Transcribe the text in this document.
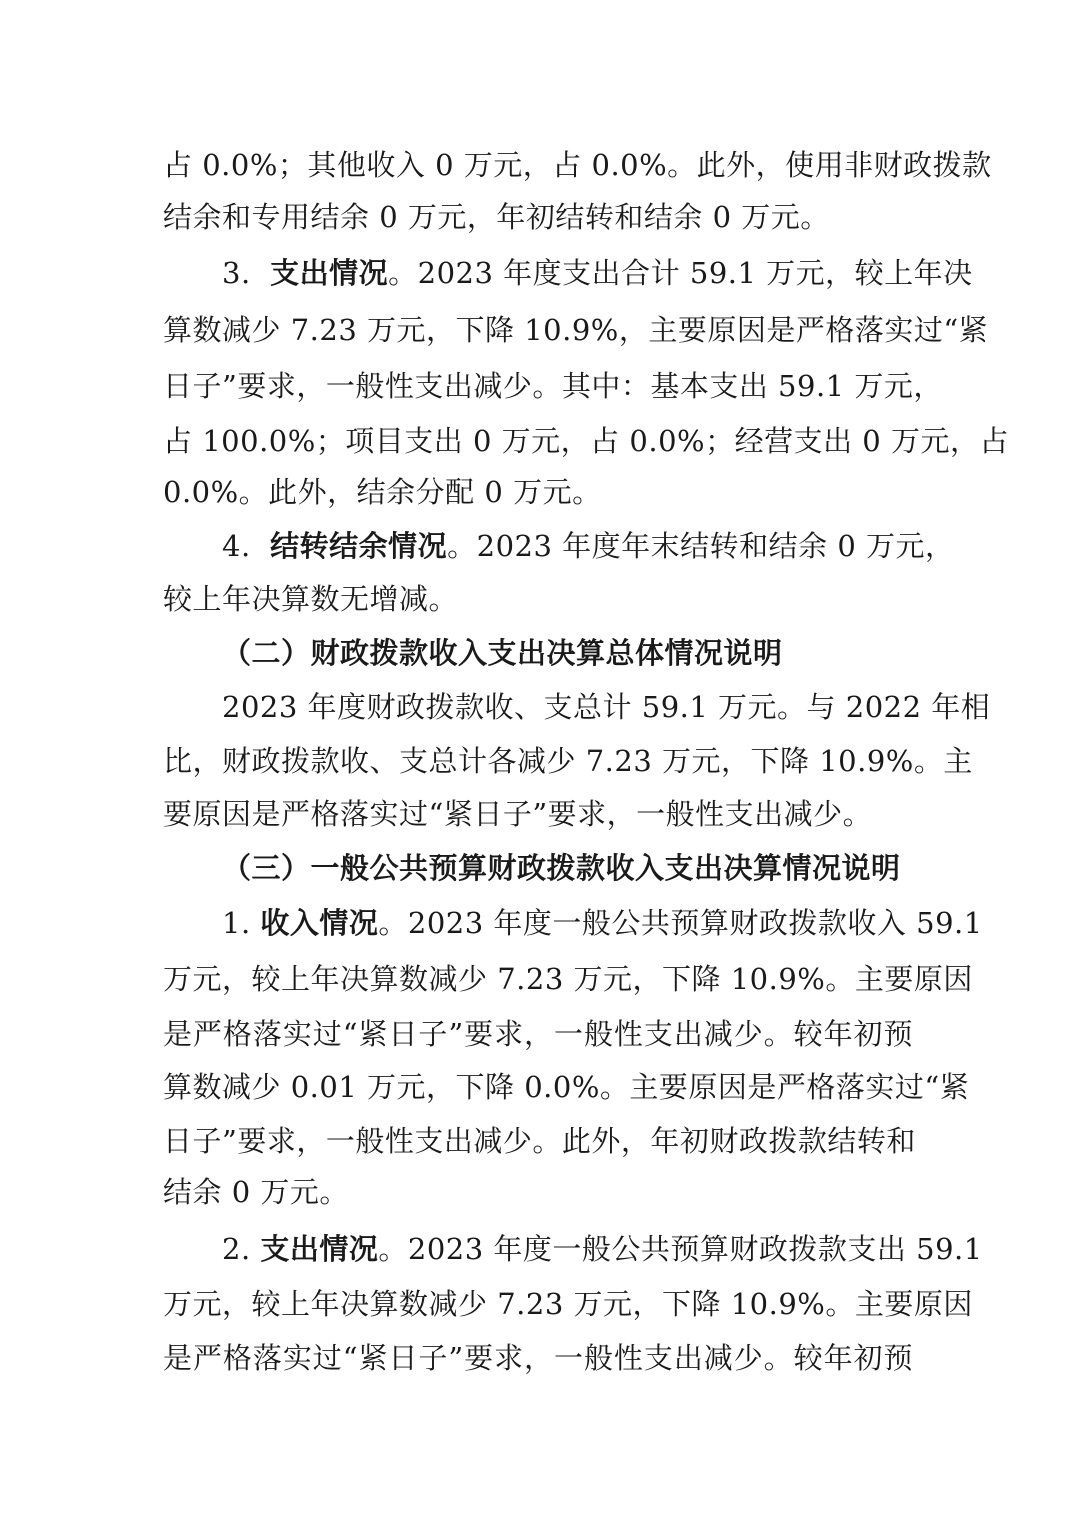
占 0.0%；其他收入 0 万元，占 0.0%。此外，使用非财政拨款
结余和专用结余 0 万元，年初结转和结余 0 万元。
3. 支出情况。2023 年度支出合计 59.1 万元，较上年决
算数减少 7.23 万元，下降 10.9%，主要原因是严格落实过“紧
日子”要求，一般性支出减少。其中：基本支出 59.1 万元，
占 100.0%；项目支出 0 万元，占 0.0%；经营支出 0 万元，占
0.0%。此外，结余分配 0 万元。
4. 结转结余情况。2023 年度年末结转和结余 0 万元，
较上年决算数无增减。
（二）财政拨款收入支出决算总体情况说明
2023 年度财政拨款收、支总计 59.1 万元。与 2022 年相
比，财政拨款收、支总计各减少 7.23 万元，下降 10.9%。主
要原因是严格落实过“紧日子”要求，一般性支出减少。
（三）一般公共预算财政拨款收入支出决算情况说明
1. 收入情况。2023 年度一般公共预算财政拨款收入 59.1
万元，较上年决算数减少 7.23 万元，下降 10.9%。主要原因
是严格落实过“紧日子”要求，一般性支出减少。较年初预
算数减少 0.01 万元，下降 0.0%。主要原因是严格落实过“紧
日子”要求，一般性支出减少。此外，年初财政拨款结转和
结余 0 万元。
2. 支出情况。2023 年度一般公共预算财政拨款支出 59.1
万元，较上年决算数减少 7.23 万元，下降 10.9%。主要原因
是严格落实过“紧日子”要求，一般性支出减少。较年初预
